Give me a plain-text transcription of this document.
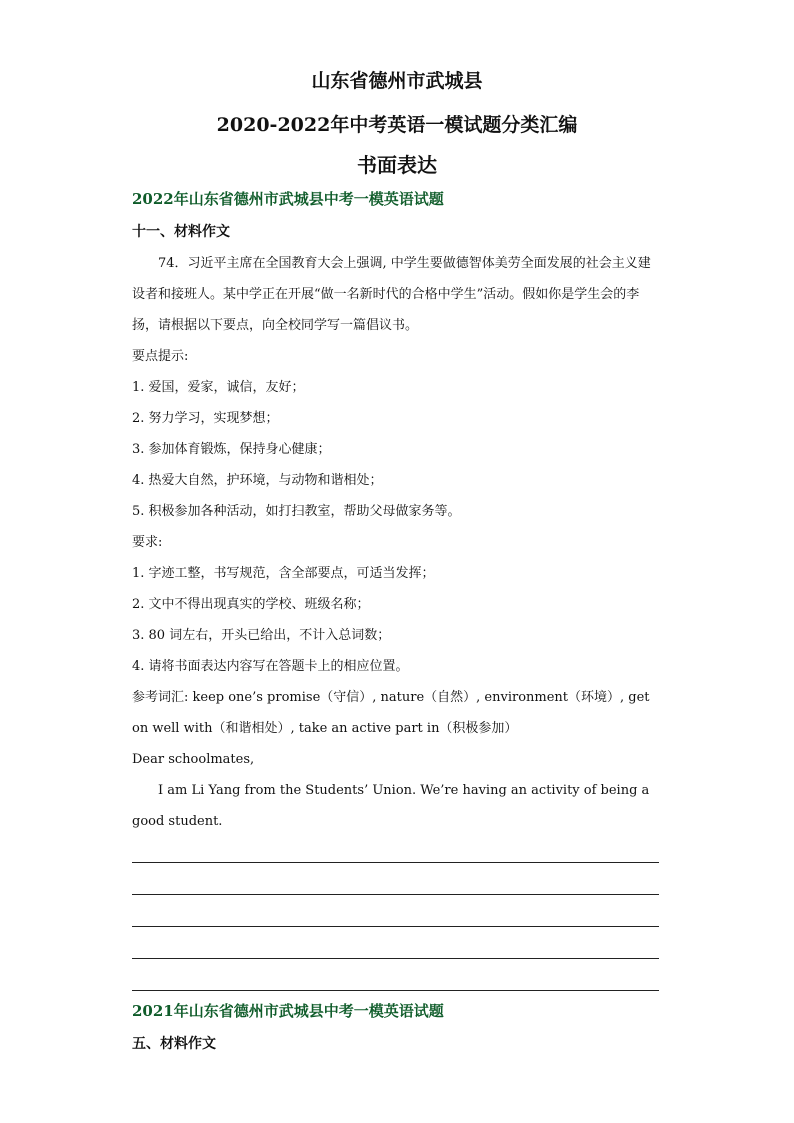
山东省德州市武城县
2020-2022年中考英语一模试题分类汇编
书面表达
2022年山东省德州市武城县中考一模英语试题
十一、材料作文

74．习近平主席在全国教育大会上强调, 中学生要做德智体美劳全面发展的社会主义建设者和接班人。某中学正在开展“做一名新时代的合格中学生”活动。假如你是学生会的李扬，请根据以下要点，向全校同学写一篇倡议书。

要点提示:

1. 爱国，爱家，诚信，友好；

2. 努力学习，实现梦想；

3. 参加体育锻炼，保持身心健康；

4. 热爱大自然，护环境，与动物和谐相处；

5. 积极参加各种活动，如打扫教室，帮助父母做家务等。

要求:

1. 字迹工整，书写规范，含全部要点，可适当发挥；

2. 文中不得出现真实的学校、班级名称；

3. 80 词左右，开头已给出，不计入总词数；

4. 请将书面表达内容写在答题卡上的相应位置。

参考词汇: keep one’s promise（守信）, nature（自然）, environment（环境）, get on well with（和谐相处）, take an active part in（积极参加）

Dear schoolmates,

I am Li Yang from the Students’ Union. We’re having an activity of being a good student.

2021年山东省德州市武城县中考一模英语试题
五、材料作文
